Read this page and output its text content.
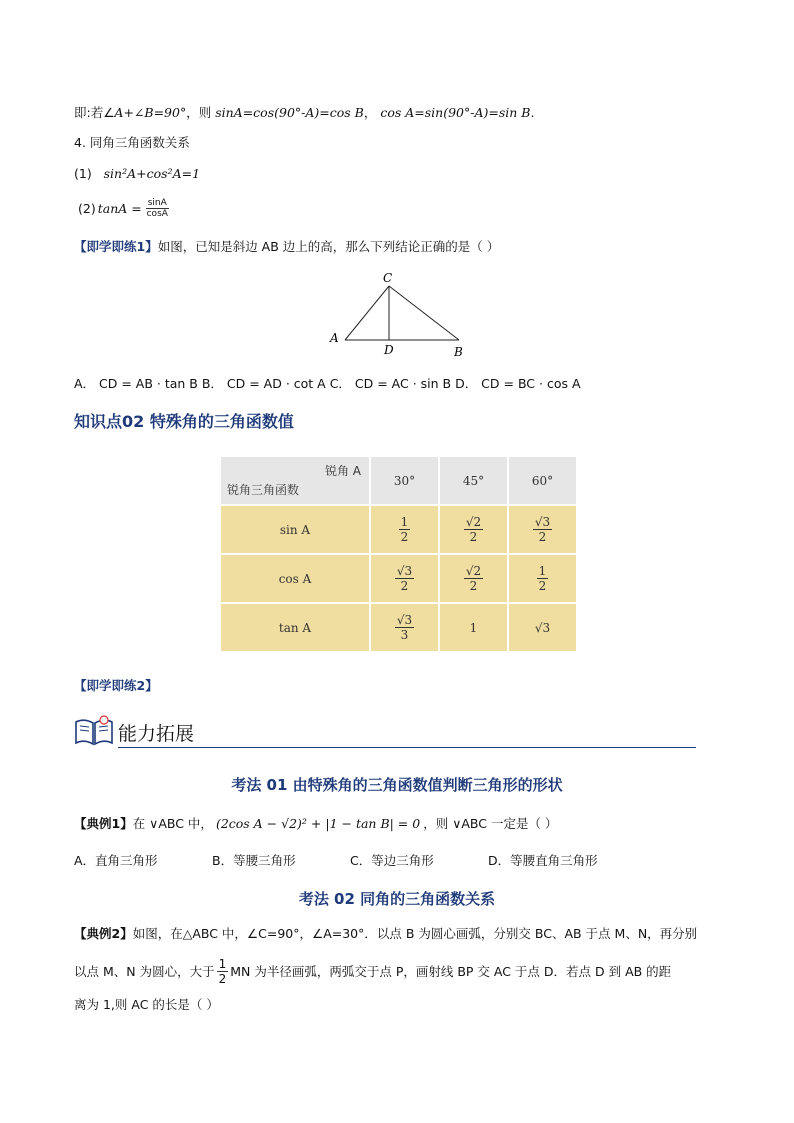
即:若∠A+∠B=90°，则 sinA=cos(90°-A)=cos B， cos A=sin(90°-A)=sin B.
4. 同角三角函数关系
(1) sin²A+cos²A=1
(2) $\tan A = \frac{\sin A}{\cos A}$
【即学即练1】如图，已知是斜边 AB 边上的高，那么下列结论正确的是（ ）
C
A
D	B
A． CD = AB · tan B B． CD = AD · cot A C． CD = AC · sin B D． CD = BC · cos A
知识点02 特殊角的三角函数值
锐角 A
锐角三角函数	30°	45°	60°
sin A	$\frac{1}{2}$	$\frac{√2}{2}$	$\frac{√3}{2}$

cos A	$\frac{√3}{2}$	$\frac{√2}{2}$	$\frac{1}{2}$

tan A	$\frac{√3}{3}$	1	√3
【即学即练2】
能力拓展
考法 01 由特殊角的三角函数值判断三角形的形状
【典例1】 在 ∨ABC 中， (2cos A − √2)² + |1 − tan B| = 0 ，则 ∨ABC 一定是（ ）
A．直角三角形	B．等腰三角形	C．等边三角形	D．等腰直角三角形
考法 02 同角的三角函数关系
【典例2】如图，在△ABC 中，∠C=90°，∠A=30°．以点 B 为圆心画弧，分别交 BC、AB 于点 M、N，再分别
以点 M、N 为圆心，大于 $\frac{1}{2}$ MN 为半径画弧，两弧交于点 P，画射线 BP 交 AC 于点 D．若点 D 到 AB 的距
离为 1,则 AC 的长是（ ）
